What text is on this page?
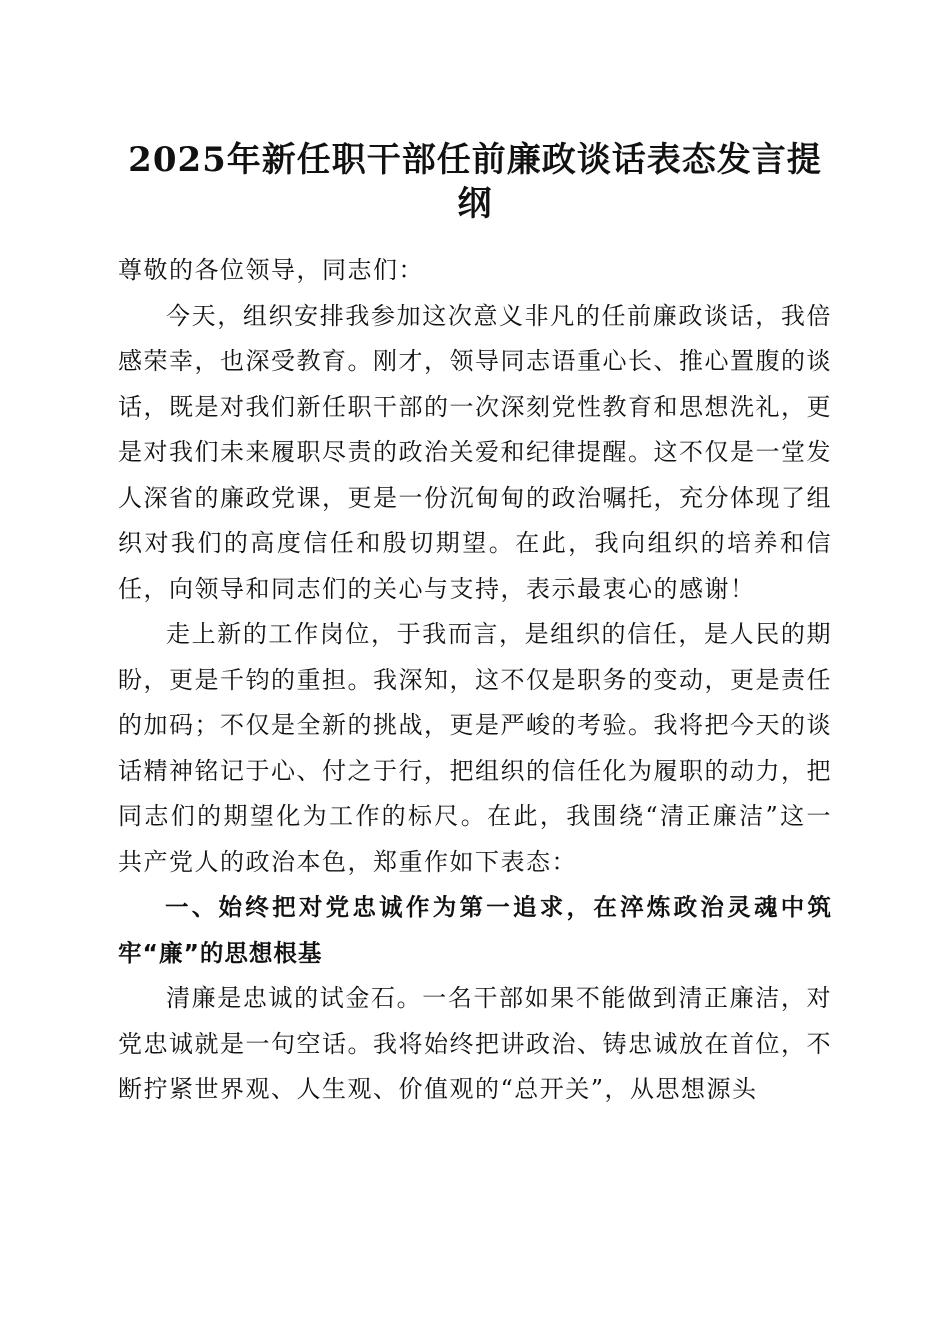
2025年新任职干部任前廉政谈话表态发言提纲

尊敬的各位领导，同志们：

今天，组织安排我参加这次意义非凡的任前廉政谈话，我倍感荣幸，也深受教育。刚才，领导同志语重心长、推心置腹的谈话，既是对我们新任职干部的一次深刻党性教育和思想洗礼，更是对我们未来履职尽责的政治关爱和纪律提醒。这不仅是一堂发人深省的廉政党课，更是一份沉甸甸的政治嘱托，充分体现了组织对我们的高度信任和殷切期望。在此，我向组织的培养和信任，向领导和同志们的关心与支持，表示最衷心的感谢！

走上新的工作岗位，于我而言，是组织的信任，是人民的期盼，更是千钧的重担。我深知，这不仅是职务的变动，更是责任的加码；不仅是全新的挑战，更是严峻的考验。我将把今天的谈话精神铭记于心、付之于行，把组织的信任化为履职的动力，把同志们的期望化为工作的标尺。在此，我围绕“清正廉洁”这一共产党人的政治本色，郑重作如下表态：

一、始终把对党忠诚作为第一追求，在淬炼政治灵魂中筑牢“廉”的思想根基

清廉是忠诚的试金石。一名干部如果不能做到清正廉洁，对党忠诚就是一句空话。我将始终把讲政治、铸忠诚放在首位，不断拧紧世界观、人生观、价值观的“总开关”，从思想源头
